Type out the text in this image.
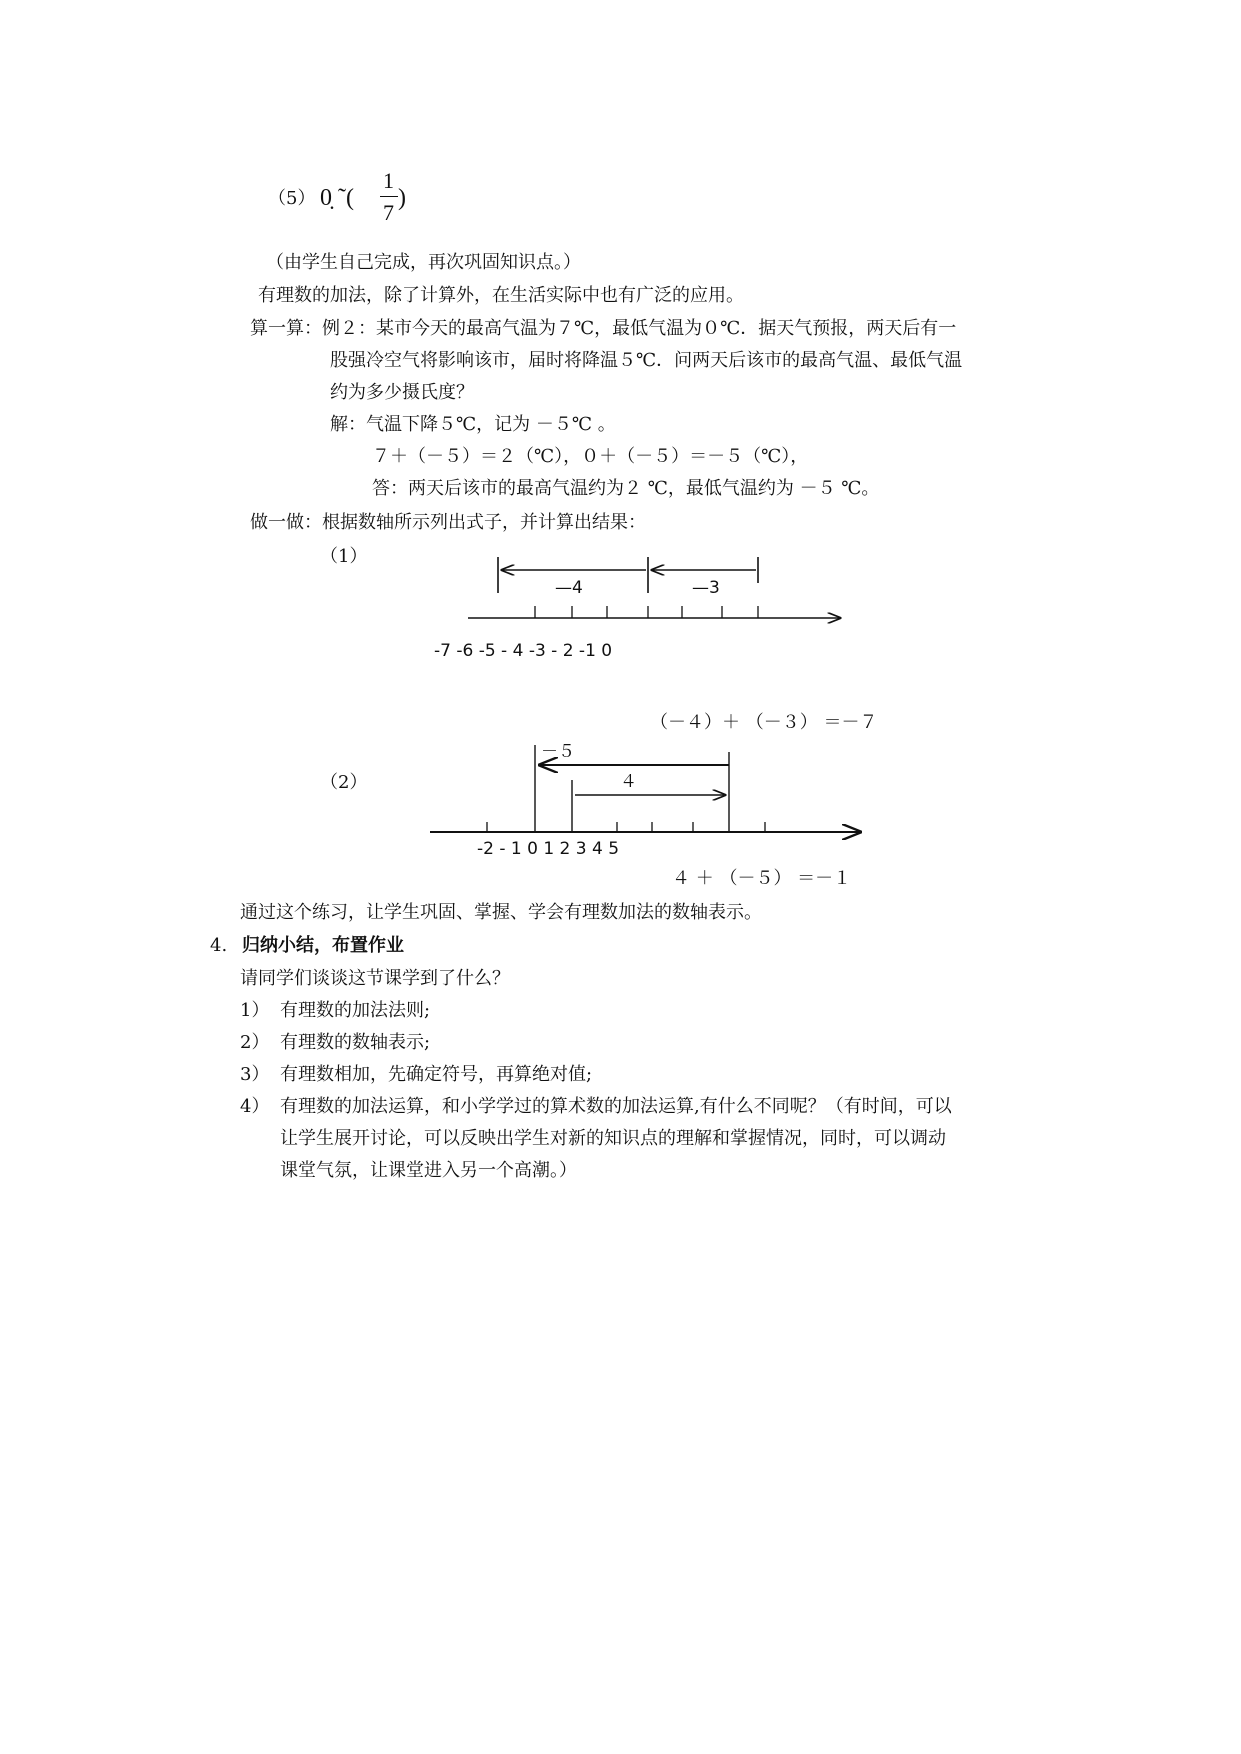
（5） 0̣ ˜(
1
7
)
（由学生自己完成，再次巩固知识点。）
有理数的加法，除了计算外，在生活实际中也有广泛的应用。
算一算：例２：某市今天的最高气温为７℃，最低气温为０℃．据天气预报，两天后有一
股强冷空气将影响该市，届时将降温５℃．问两天后该市的最高气温、最低气温
约为多少摄氏度？
解：气温下降５℃，记为 －５℃ 。
７＋（－５）＝２（℃），０＋（－５）＝－５（℃），
答：两天后该市的最高气温约为２ ℃，最低气温约为 －５ ℃。
做一做：根据数轴所示列出式子，并计算出结果：
（1）
—4	—3
-7 -6 -5 - 4 -3 - 2 -1 0
（－４）＋ （－３） ＝－７
（2）
－５
４
-2 - 1 0 1 2 3 4 5
４ ＋ （－５） ＝－１
通过这个练习，让学生巩固、掌握、学会有理数加法的数轴表示。
4. 归纳小结，布置作业
请同学们谈谈这节课学到了什么？
1） 有理数的加法法则;
2） 有理数的数轴表示;
3） 有理数相加，先确定符号，再算绝对值;
4） 有理数的加法运算，和小学学过的算术数的加法运算,有什么不同呢？（有时间，可以
让学生展开讨论，可以反映出学生对新的知识点的理解和掌握情况，同时，可以调动
课堂气氛，让课堂进入另一个高潮。）
